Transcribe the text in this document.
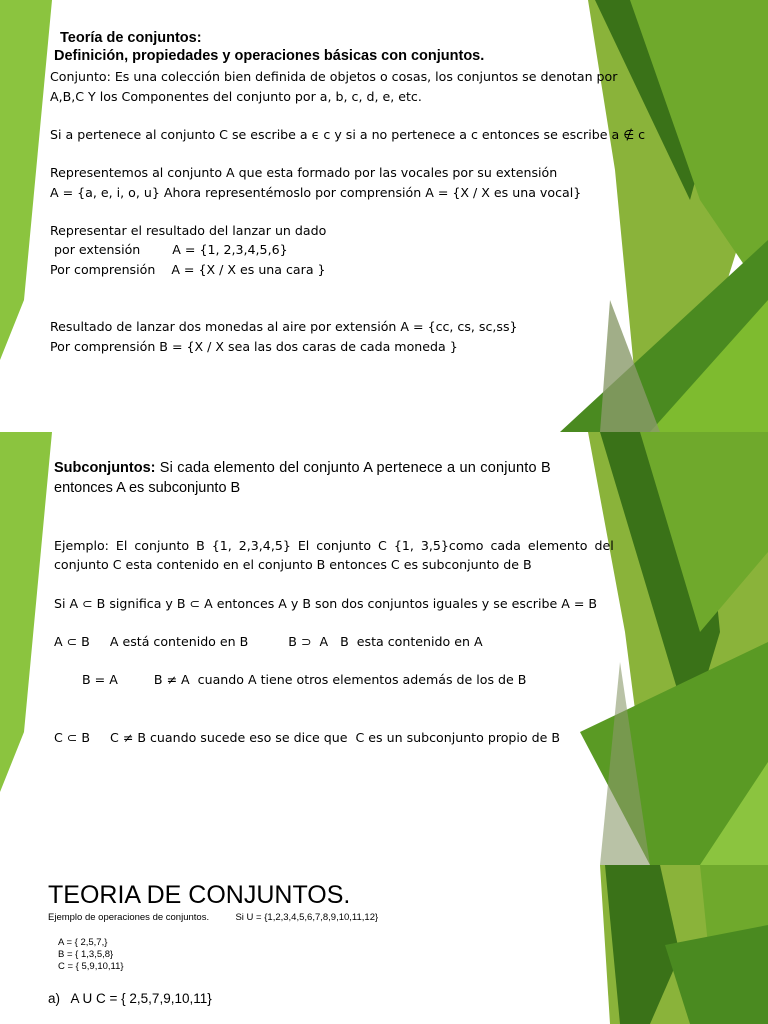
Teoría de conjuntos:
Definición, propiedades y operaciones básicas con conjuntos.
Conjunto: Es una colección bien definida de objetos o cosas, los conjuntos se denotan por
A,B,C Y los Componentes del conjunto por a, b, c, d, e, etc.
Si a pertenece al conjunto C se escribe a ϵ c y si a no pertenece a c entonces se escribe a ∉ c
Representemos al conjunto A que esta formado por las vocales por su extensión
A = {a, e, i, o, u} Ahora representémoslo por comprensión A = {X / X es una vocal}
Representar el resultado del lanzar un dado
por extensión        A = {1, 2,3,4,5,6}
Por comprensión    A = {X / X es una cara }
Resultado de lanzar dos monedas al aire por extensión A = {cc, cs, sc,ss}
Por comprensión B = {X / X sea las dos caras de cada moneda }
Subconjuntos: Si cada elemento del conjunto A pertenece a un conjunto B
entonces A es subconjunto B
Ejemplo: El conjunto B {1, 2,3,4,5} El conjunto C {1, 3,5}como cada elemento del
conjunto C esta contenido en el conjunto B entonces C es subconjunto de B
Si A ⊂ B significa y B ⊂ A entonces A y B son dos conjuntos iguales y se escribe A = B
A ⊂ B     A está contenido en B          B ⊃  A   B  esta contenido en A
B = A         B ≠ A  cuando A tiene otros elementos además de los de B
C ⊂ B     C ≠ B cuando sucede eso se dice que  C es un subconjunto propio de B
TEORIA DE CONJUNTOS.
Ejemplo de operaciones de conjuntos.          Si U = {1,2,3,4,5,6,7,8,9,10,11,12}
A = { 2,5,7,}
B = { 1,3,5,8}
C = { 5,9,10,11}
a)   A U C = { 2,5,7,9,10,11}
